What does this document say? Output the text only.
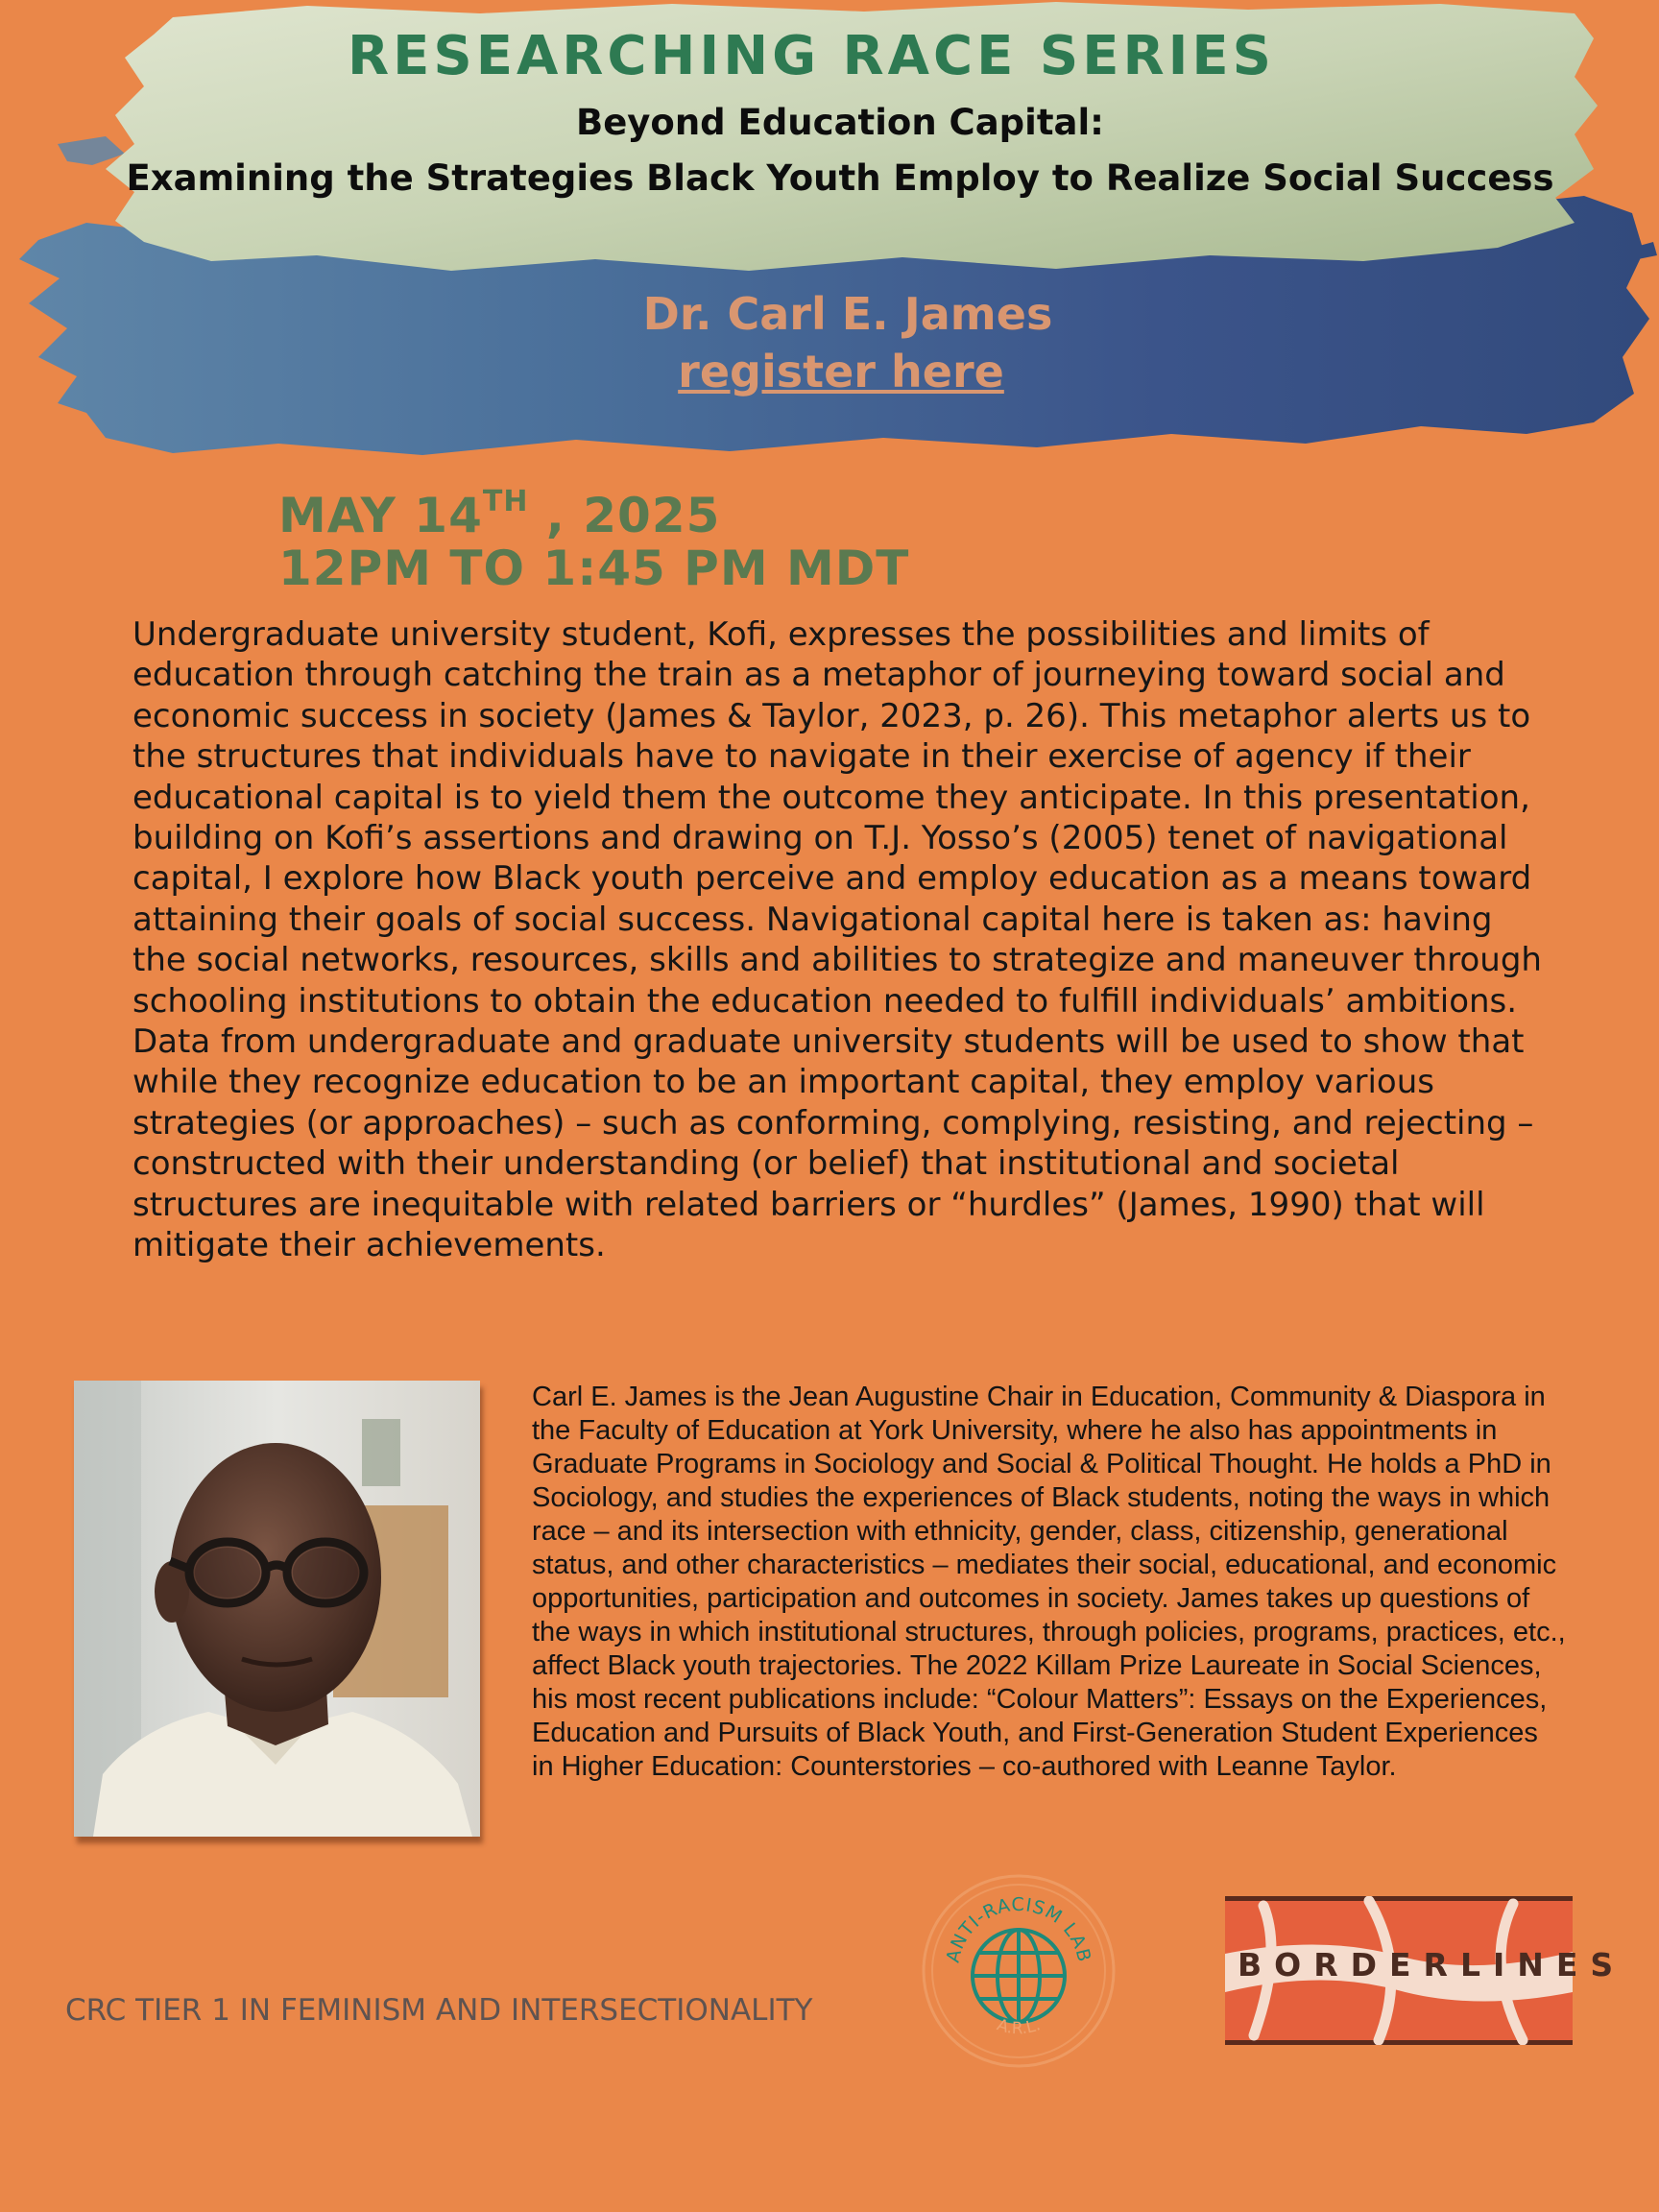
RESEARCHING RACE SERIES
Beyond Education Capital:
Examining the Strategies Black Youth Employ to Realize Social Success
Dr. Carl E. James
register here
MAY 14TH , 2025
12PM TO 1:45 PM MDT
Undergraduate university student, Kofi, expresses the possibilities and limits of education through catching the train as a metaphor of journeying toward social and economic success in society (James & Taylor, 2023, p. 26). This metaphor alerts us to the structures that individuals have to navigate in their exercise of agency if their educational capital is to yield them the outcome they anticipate. In this presentation, building on Kofi’s assertions and drawing on T.J. Yosso’s (2005) tenet of navigational capital, I explore how Black youth perceive and employ education as a means toward attaining their goals of social success. Navigational capital here is taken as: having the social networks, resources, skills and abilities to strategize and maneuver through schooling institutions to obtain the education needed to fulfill individuals’ ambitions. Data from undergraduate and graduate university students will be used to show that while they recognize education to be an important capital, they employ various strategies (or approaches) – such as conforming, complying, resisting, and rejecting – constructed with their understanding (or belief) that institutional and societal structures are inequitable with related barriers or “hurdles” (James, 1990) that will mitigate their achievements.
Carl E. James is the Jean Augustine Chair in Education, Community & Diaspora in the Faculty of Education at York University, where he also has appointments in Graduate Programs in Sociology and Social & Political Thought. He holds a PhD in Sociology, and studies the experiences of Black students, noting the ways in which race – and its intersection with ethnicity, gender, class, citizenship, generational status, and other characteristics – mediates their social, educational, and economic opportunities, participation and outcomes in society. James takes up questions of the ways in which institutional structures, through policies, programs, practices, etc., affect Black youth trajectories. The 2022 Killam Prize Laureate in Social Sciences, his most recent publications include: “Colour Matters”: Essays on the Experiences, Education and Pursuits of Black Youth, and First-Generation Student Experiences in Higher Education: Counterstories – co-authored with Leanne Taylor.
CRC TIER 1 IN FEMINISM AND INTERSECTIONALITY
ANTI-RACISM LAB
A.R.L.
BORDERLINES
